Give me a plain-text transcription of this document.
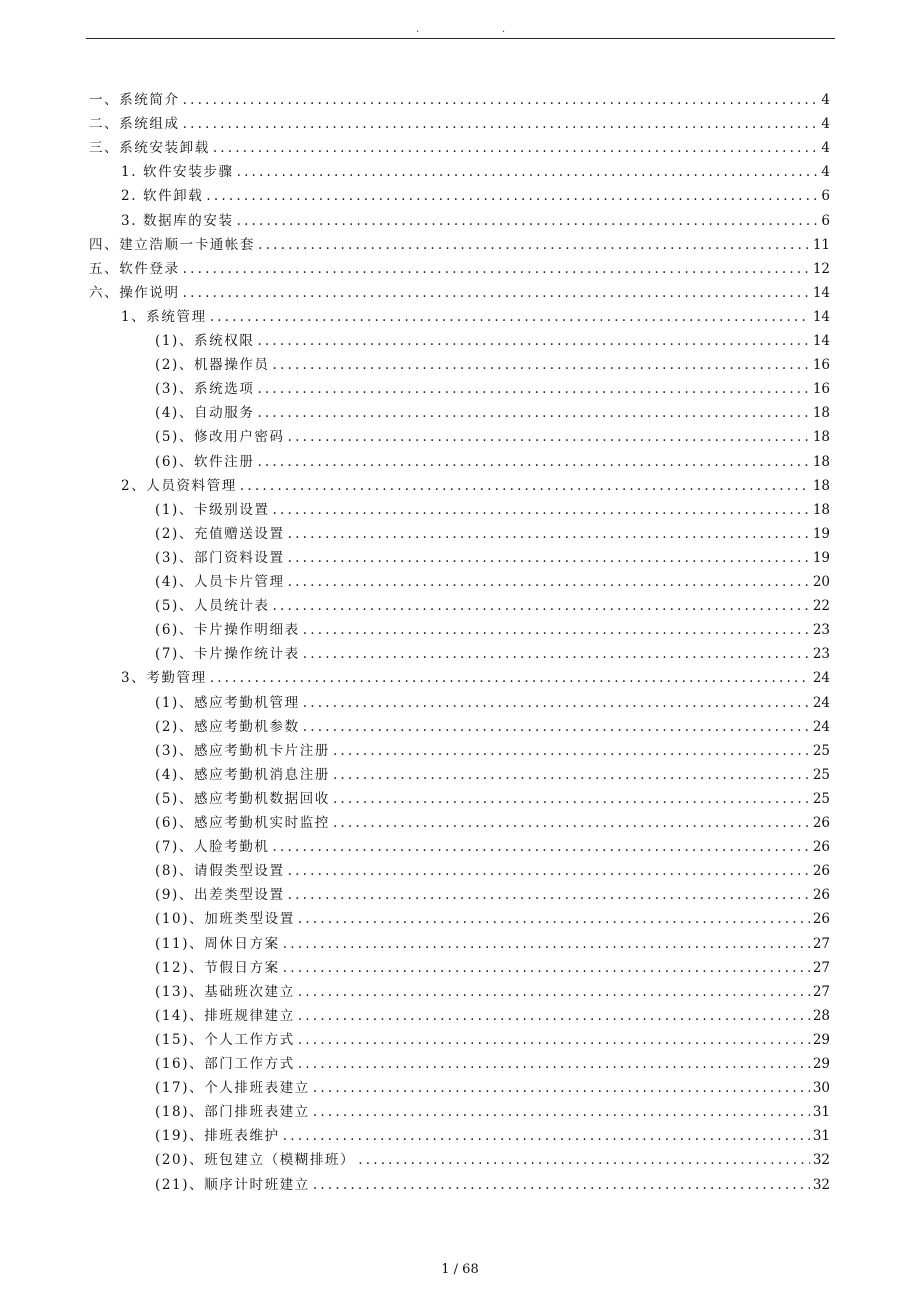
.	.
一、系统简介 .....	4
二、系统组成 .....	4
三、系统安装卸载 .....	4
1. 软件安装步骤 .....	4
2. 软件卸载 .....	6
3. 数据库的安装 .....	6
四、建立浩顺一卡通帐套 .....	11
五、软件登录 .....	12
六、操作说明 .....	14
1、系统管理 .....	14
(1)、系统权限 .....	14
(2)、机器操作员 .....	16
(3)、系统选项 .....	16
(4)、自动服务 .....	18
(5)、修改用户密码 .....	18
(6)、软件注册 .....	18
2、人员资料管理 .....	18
(1)、卡级别设置 .....	18
(2)、充值赠送设置 .....	19
(3)、部门资料设置 .....	19
(4)、人员卡片管理 .....	20
(5)、人员统计表 .....	22
(6)、卡片操作明细表 .....	23
(7)、卡片操作统计表 .....	23
3、考勤管理 .....	24
(1)、感应考勤机管理 .....	24
(2)、感应考勤机参数 .....	24
(3)、感应考勤机卡片注册 .....	25
(4)、感应考勤机消息注册 .....	25
(5)、感应考勤机数据回收 .....	25
(6)、感应考勤机实时监控 .....	26
(7)、人脸考勤机 .....	26
(8)、请假类型设置 .....	26
(9)、出差类型设置 .....	26
(10)、加班类型设置 .....	26
(11)、周休日方案 .....	27
(12)、节假日方案 .....	27
(13)、基础班次建立 .....	27
(14)、排班规律建立 .....	28
(15)、个人工作方式 .....	29
(16)、部门工作方式 .....	29
(17)、个人排班表建立 .....	30
(18)、部门排班表建立 .....	31
(19)、排班表维护 .....	31
(20)、班包建立（模糊排班） .....	32
(21)、顺序计时班建立 .....	32
1 / 68
